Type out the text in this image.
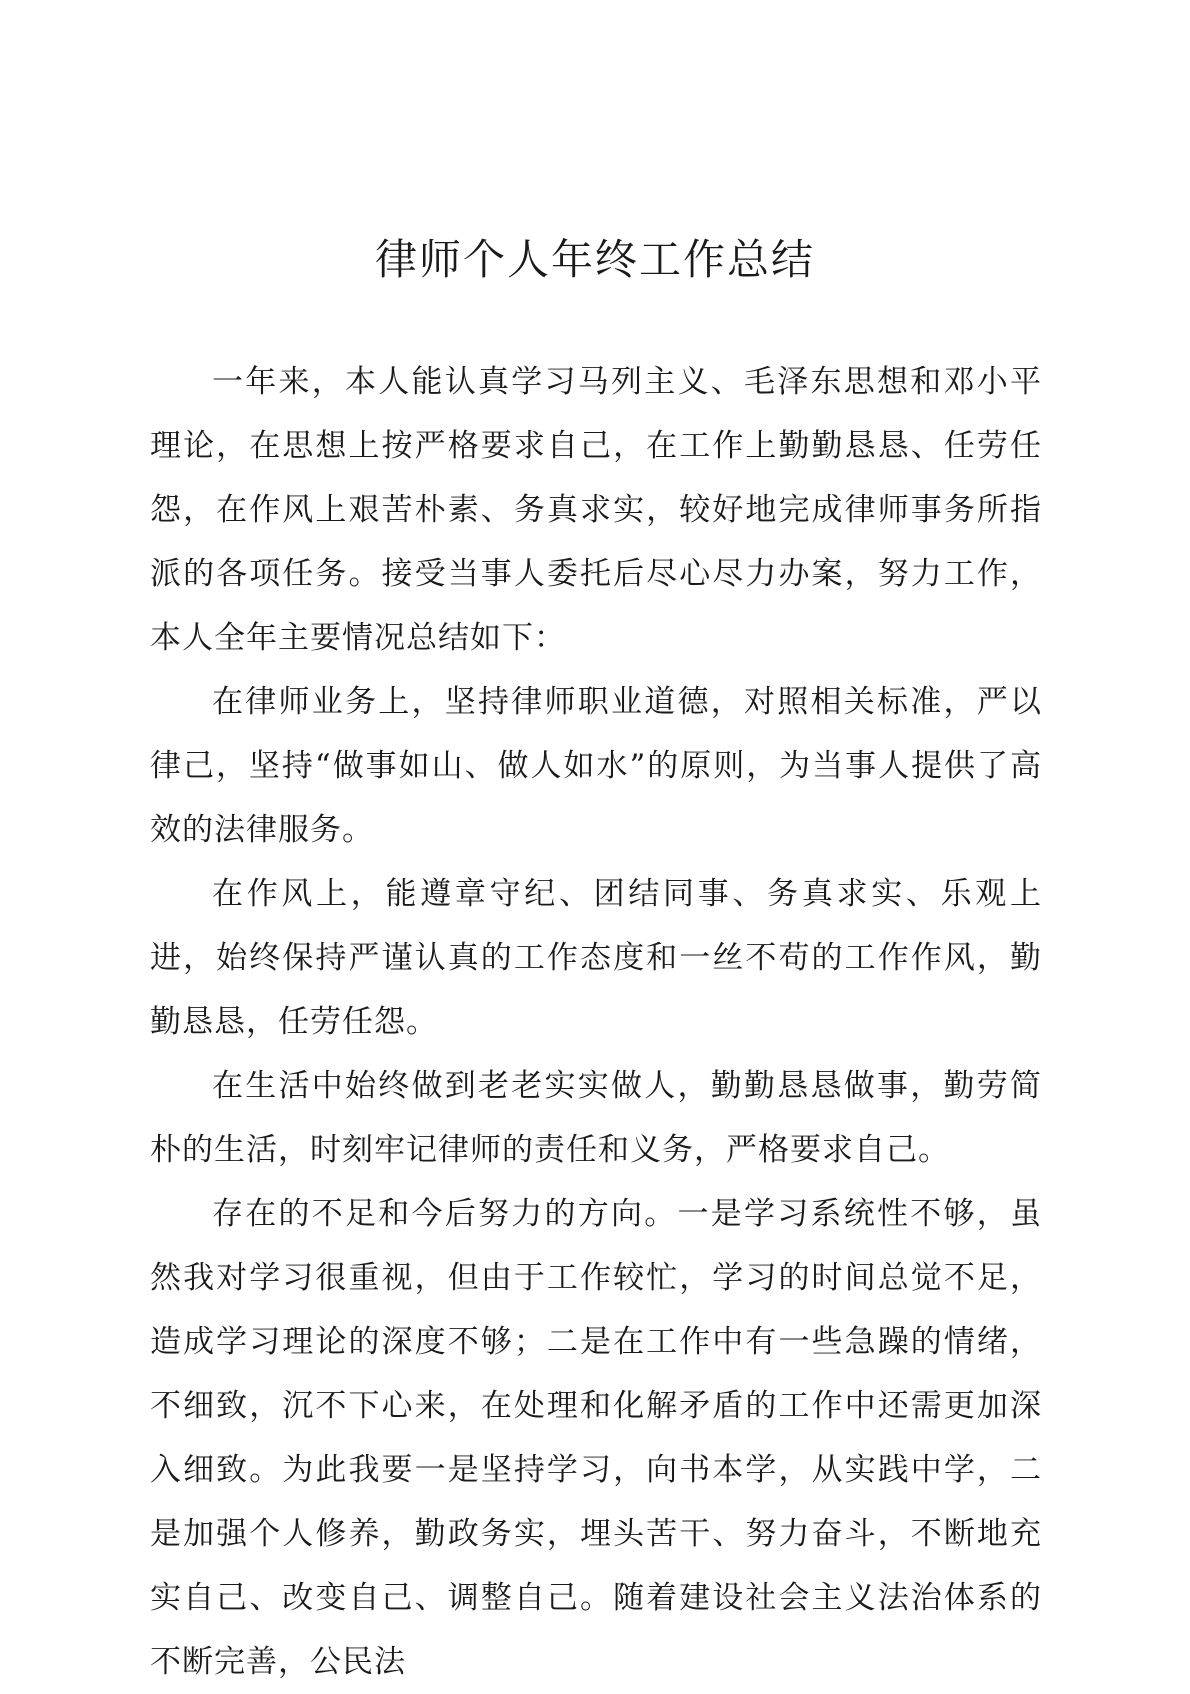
律师个人年终工作总结

一年来，本人能认真学习马列主义、毛泽东思想和邓小平理论，在思想上按严格要求自己，在工作上勤勤恳恳、任劳任怨，在作风上艰苦朴素、务真求实，较好地完成律师事务所指派的各项任务。接受当事人委托后尽心尽力办案，努力工作，本人全年主要情况总结如下：

在律师业务上，坚持律师职业道德，对照相关标准，严以律己，坚持“做事如山、做人如水”的原则，为当事人提供了高效的法律服务。

在作风上，能遵章守纪、团结同事、务真求实、乐观上进，始终保持严谨认真的工作态度和一丝不苟的工作作风，勤勤恳恳，任劳任怨。

在生活中始终做到老老实实做人，勤勤恳恳做事，勤劳简朴的生活，时刻牢记律师的责任和义务，严格要求自己。

存在的不足和今后努力的方向。一是学习系统性不够，虽然我对学习很重视，但由于工作较忙，学习的时间总觉不足，造成学习理论的深度不够；二是在工作中有一些急躁的情绪，不细致，沉不下心来，在处理和化解矛盾的工作中还需更加深入细致。为此我要一是坚持学习，向书本学，从实践中学，二是加强个人修养，勤政务实，埋头苦干、努力奋斗，不断地充实自己、改变自己、调整自己。随着建设社会主义法治体系的不断完善，公民法
